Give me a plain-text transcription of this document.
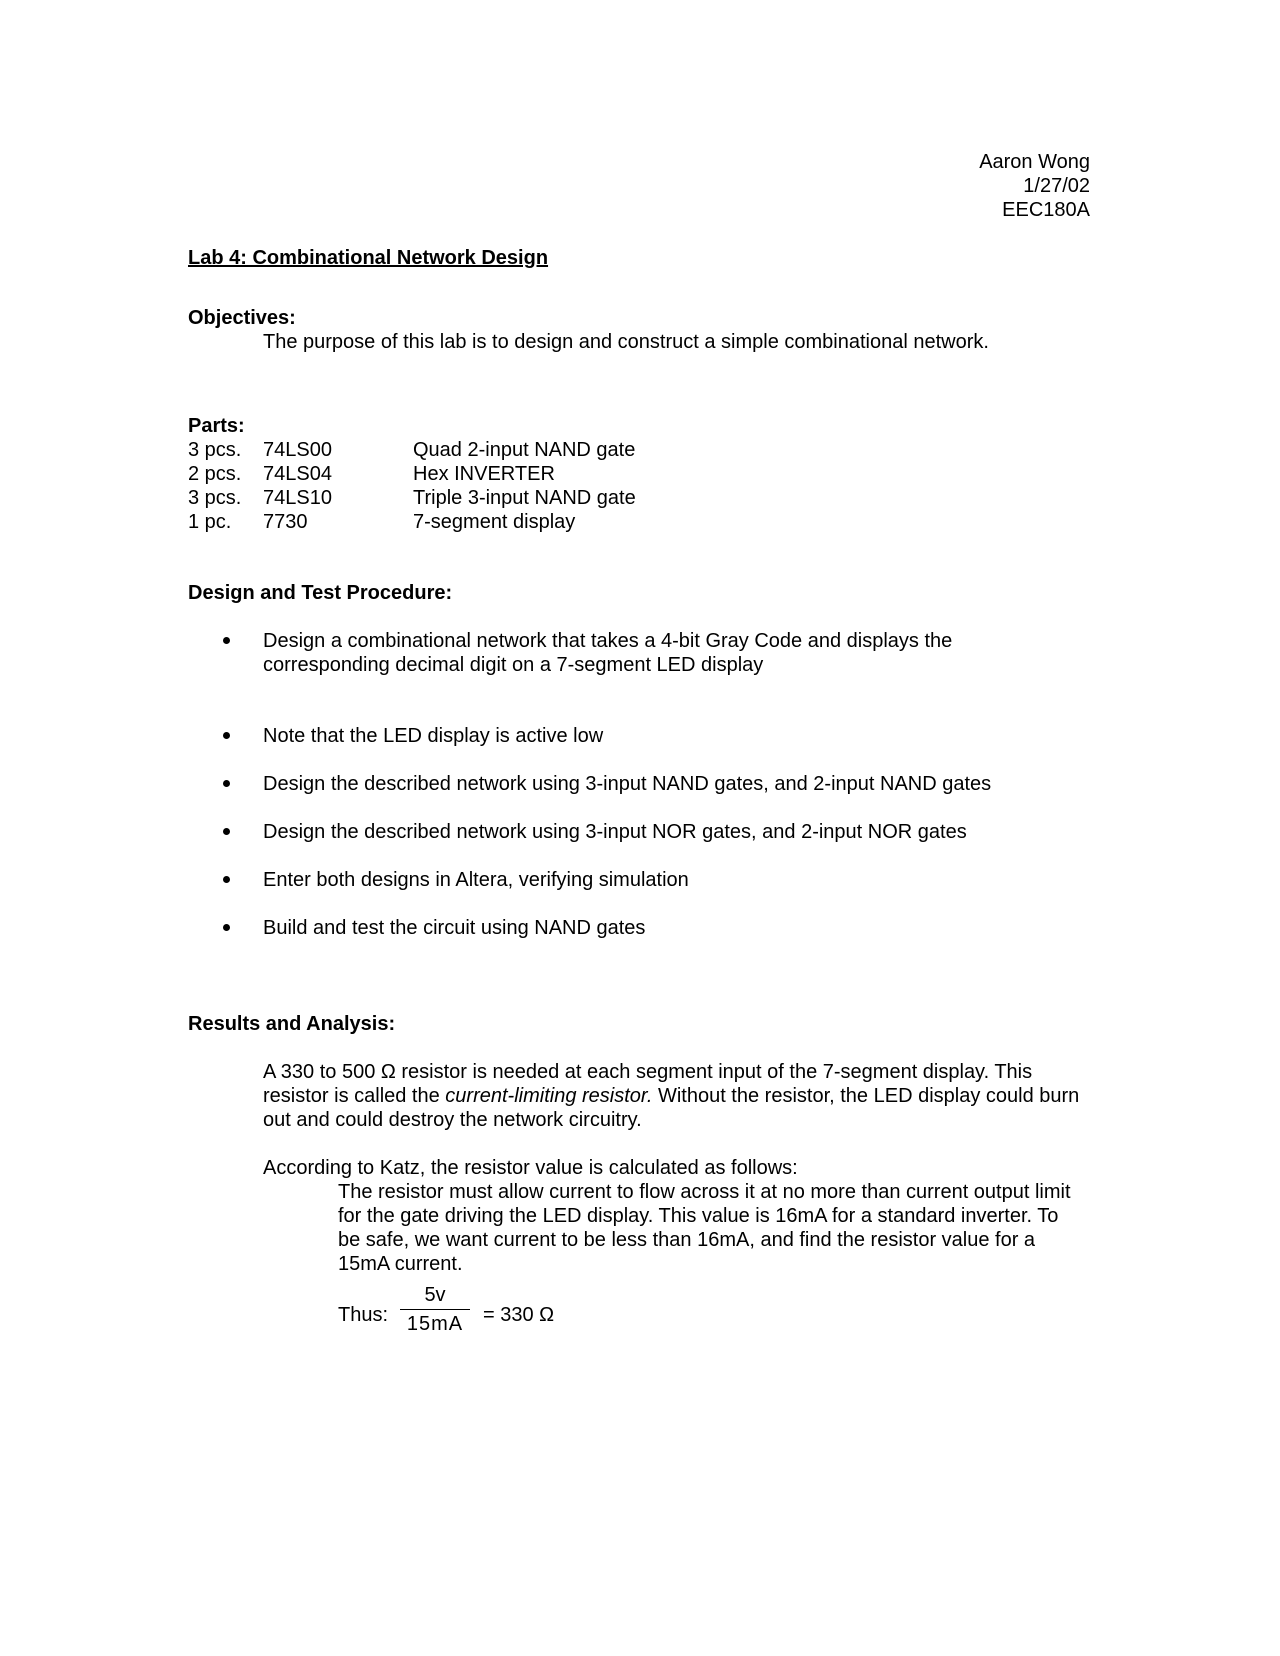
Aaron Wong
1/27/02
EEC180A
Lab 4: Combinational Network Design
Objectives:
The purpose of this lab is to design and construct a simple combinational network.
Parts:
3 pcs. 74LS00	Quad 2-input NAND gate
2 pcs. 74LS04	Hex INVERTER
3 pcs. 74LS10	Triple 3-input NAND gate
1 pc. 7730	7-segment display
Design and Test Procedure:
Design a combinational network that takes a 4-bit Gray Code and displays the corresponding decimal digit on a 7-segment LED display
Note that the LED display is active low
Design the described network using 3-input NAND gates, and 2-input NAND gates
Design the described network using 3-input NOR gates, and 2-input NOR gates
Enter both designs in Altera, verifying simulation
Build and test the circuit using NAND gates
Results and Analysis:
A 330 to 500 Ω resistor is needed at each segment input of the 7-segment display. This resistor is called the current-limiting resistor. Without the resistor, the LED display could burn out and could destroy the network circuitry.
According to Katz, the resistor value is calculated as follows:
The resistor must allow current to flow across it at no more than current output limit for the gate driving the LED display. This value is 16mA for a standard inverter. To be safe, we want current to be less than 16mA, and find the resistor value for a 15mA current.
Thus:
5v
15mA = 330 Ω
